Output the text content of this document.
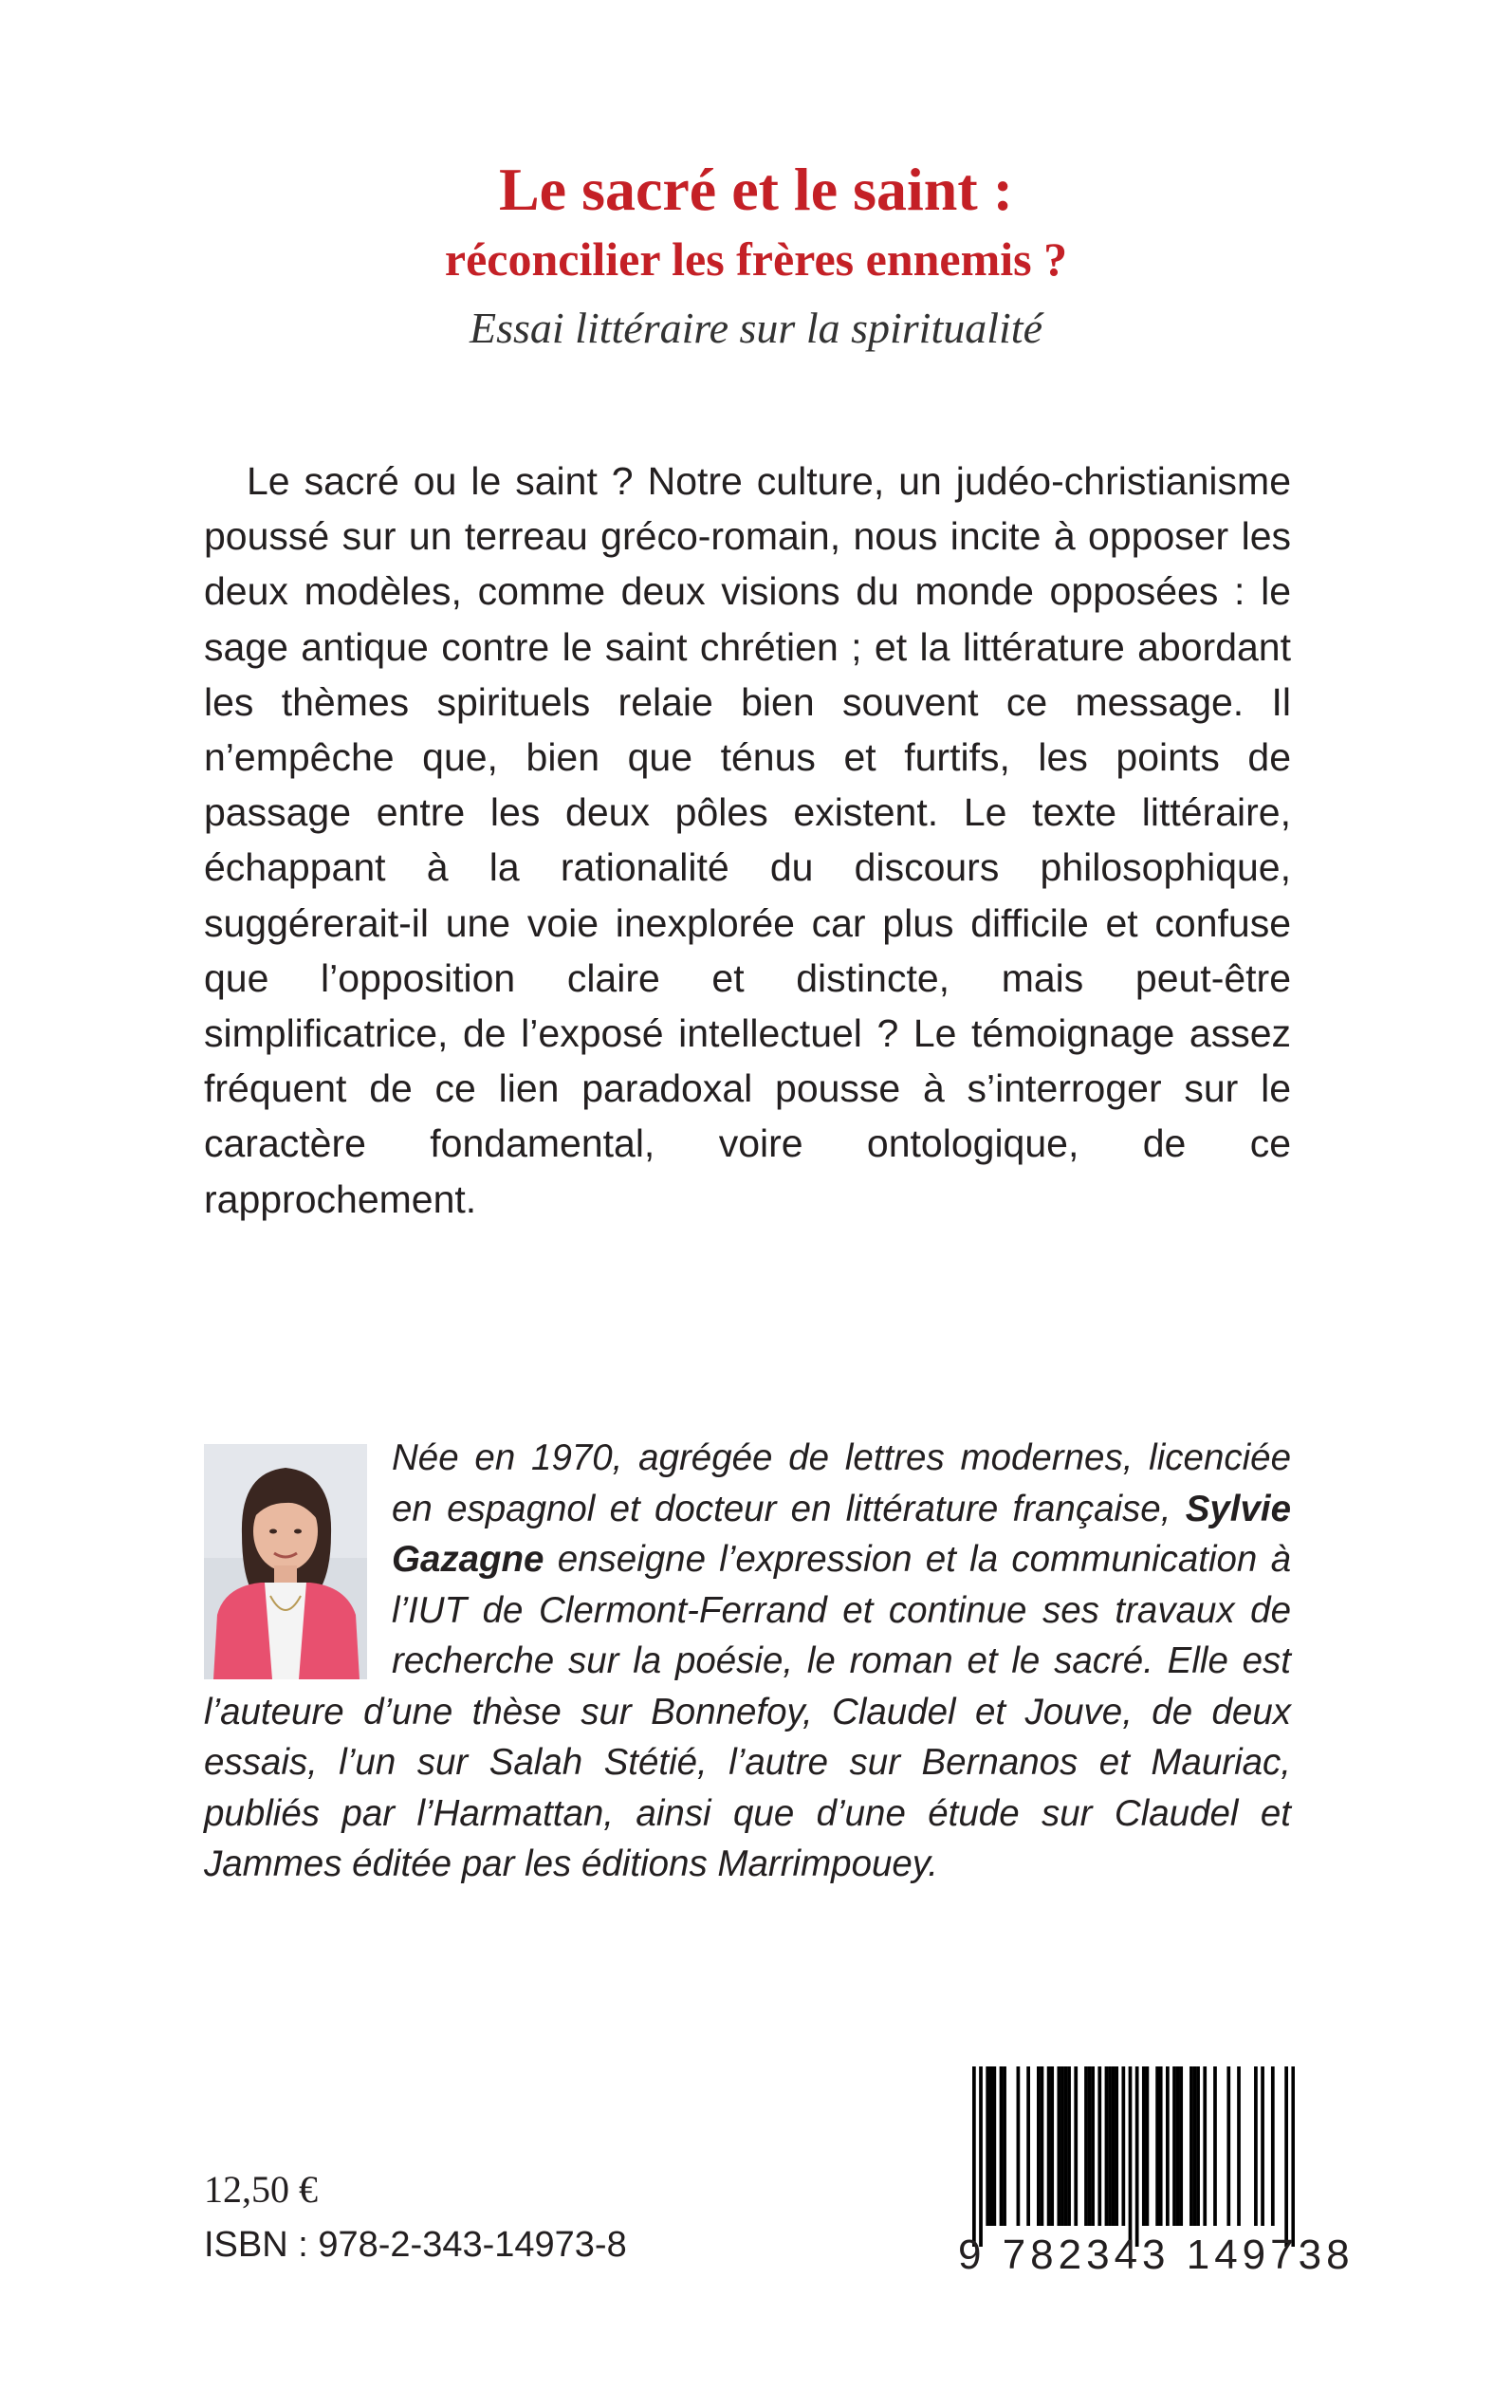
Le sacré et le saint :
réconcilier les frères ennemis ?
Essai littéraire sur la spiritualité

Le sacré ou le saint ? Notre culture, un judéo-christianisme poussé sur un terreau gréco-romain, nous incite à opposer les deux modèles, comme deux visions du monde opposées : le sage antique contre le saint chrétien ; et la littérature abordant les thèmes spirituels relaie bien souvent ce message. Il n’empêche que, bien que ténus et furtifs, les points de passage entre les deux pôles existent. Le texte littéraire, échappant à la rationalité du discours philosophique, suggérerait-il une voie inexplorée car plus difficile et confuse que l’opposition claire et distincte, mais peut-être simplificatrice, de l’exposé intellectuel ? Le témoignage assez fréquent de ce lien paradoxal pousse à s’interroger sur le caractère fondamental, voire ontologique, de ce rapprochement.

Née en 1970, agrégée de lettres modernes, licenciée en espagnol et docteur en littérature française, Sylvie Gazagne enseigne l’expression et la communication à l’IUT de Clermont-Ferrand et continue ses travaux de recherche sur la poésie, le roman et le sacré. Elle est l’auteure d’une thèse sur Bonnefoy, Claudel et Jouve, de deux essais, l’un sur Salah Stétié, l’autre sur Bernanos et Mauriac, publiés par l’Harmattan, ainsi que d’une étude sur Claudel et Jammes éditée par les éditions Marrimpouey.

12,50 €
ISBN : 978-2-343-14973-8	9 782343 149738
